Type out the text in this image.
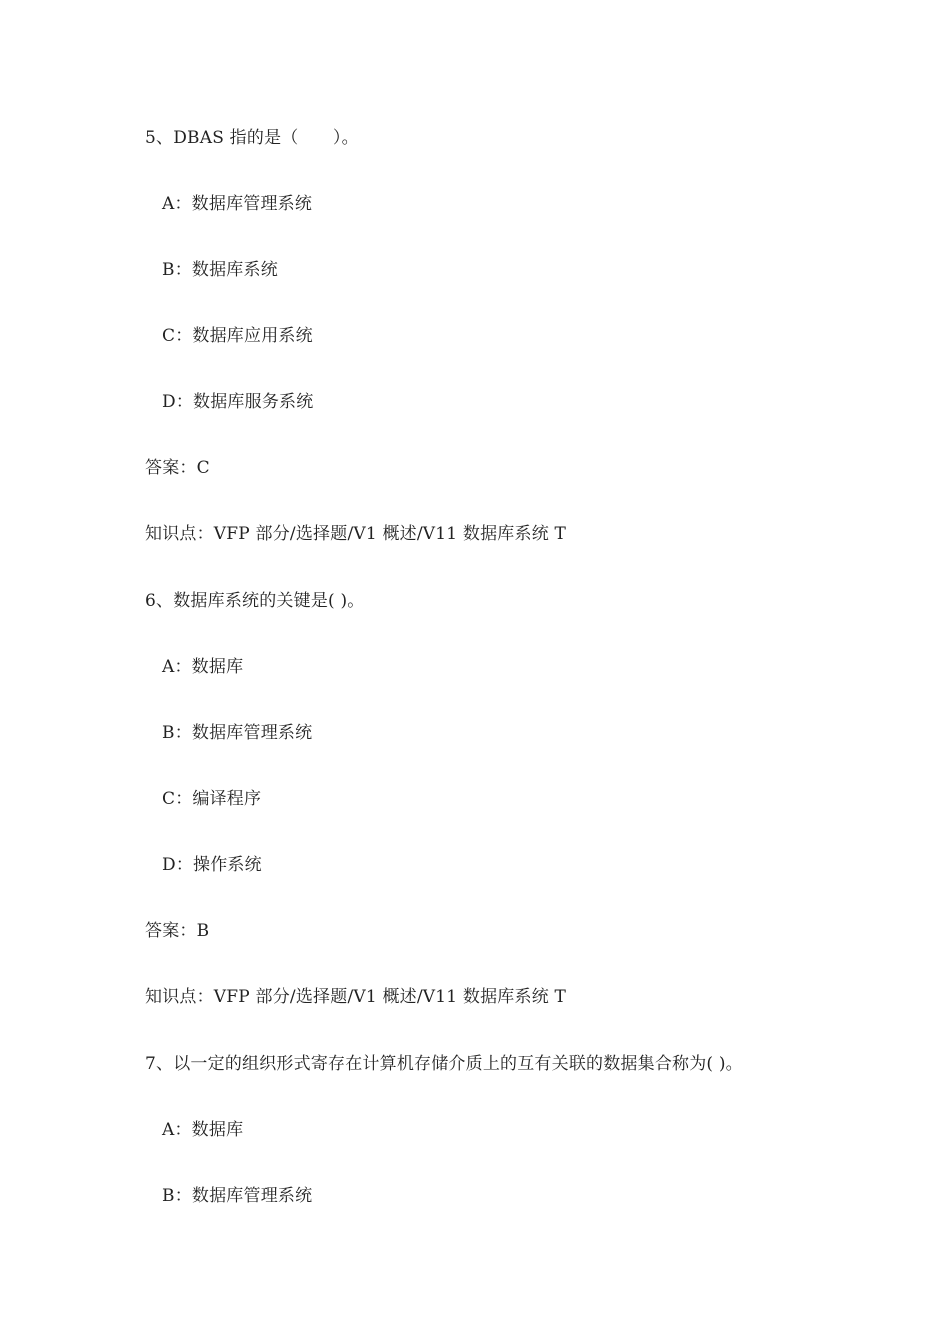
5、DBAS 指的是（　　）。
A：数据库管理系统
B：数据库系统
C：数据库应用系统
D：数据库服务系统
答案：C
知识点：VFP 部分/选择题/V1 概述/V11 数据库系统 T
6、数据库系统的关键是( )。
A：数据库
B：数据库管理系统
C：编译程序
D：操作系统
答案：B
知识点：VFP 部分/选择题/V1 概述/V11 数据库系统 T
7、以一定的组织形式寄存在计算机存储介质上的互有关联的数据集合称为( )。
A：数据库
B：数据库管理系统
